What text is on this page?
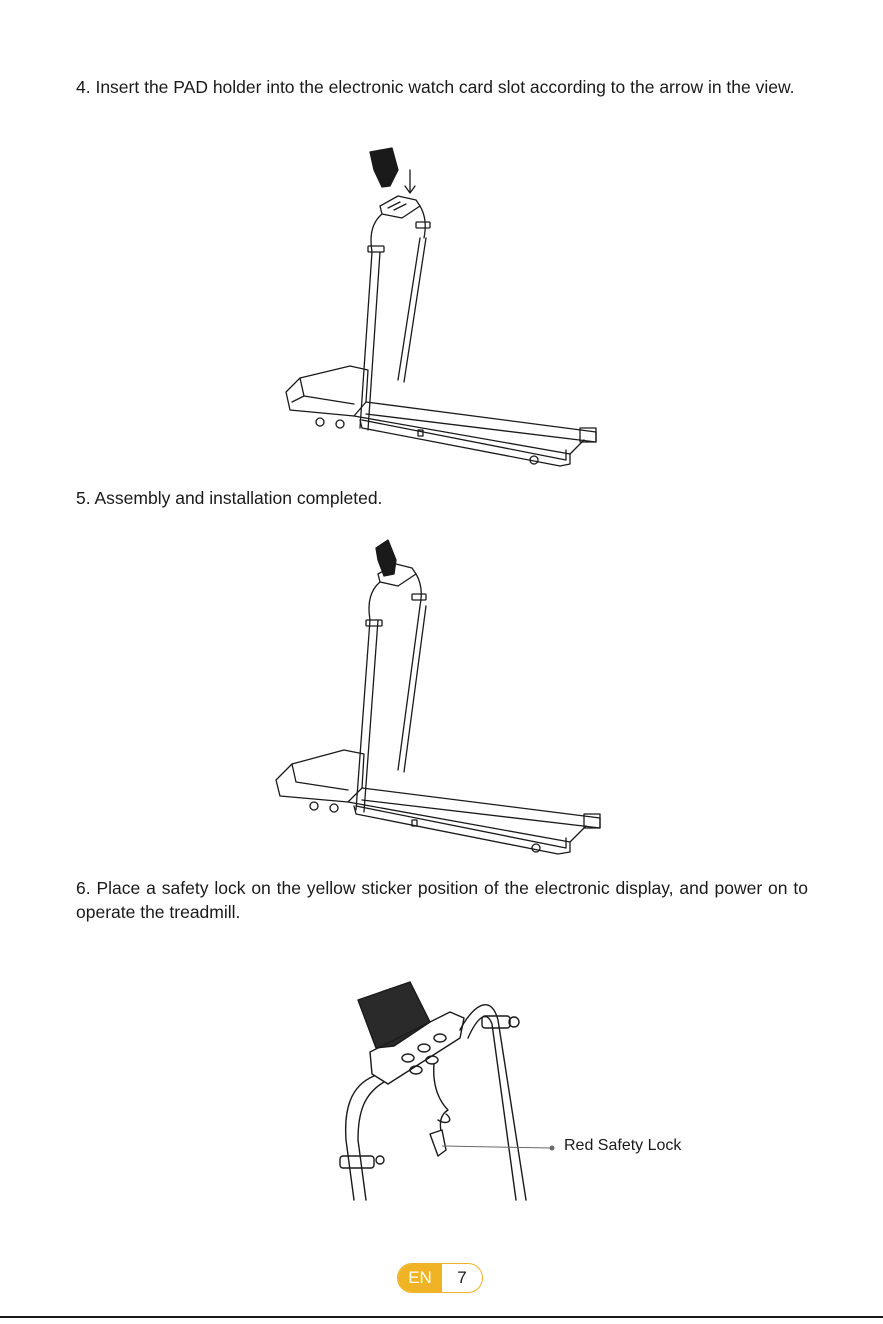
4. Insert the PAD holder into the electronic watch card slot according to the arrow in the view.

5. Assembly and installation completed.

6. Place a safety lock on the yellow sticker position of the electronic display, and power on to operate the treadmill.

Red Safety Lock
EN	7
